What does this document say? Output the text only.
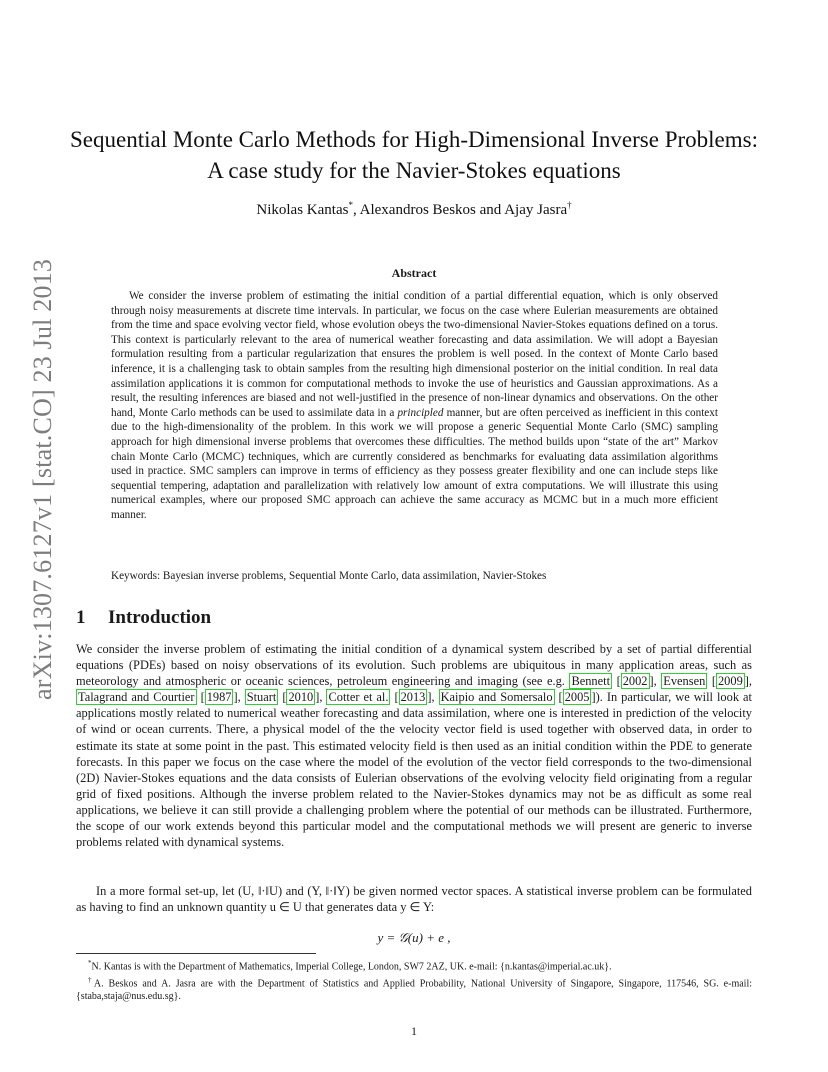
arXiv:1307.6127v1 [stat.CO] 23 Jul 2013
Sequential Monte Carlo Methods for High-Dimensional Inverse Problems: A case study for the Navier-Stokes equations
Nikolas Kantas*, Alexandros Beskos and Ajay Jasra†
Abstract

We consider the inverse problem of estimating the initial condition of a partial differential equation, which is only observed through noisy measurements at discrete time intervals. In particular, we focus on the case where Eulerian measurements are obtained from the time and space evolving vector field, whose evolution obeys the two-dimensional Navier-Stokes equations defined on a torus. This context is particularly relevant to the area of numerical weather forecasting and data assimilation. We will adopt a Bayesian formulation resulting from a particular regularization that ensures the problem is well posed. In the context of Monte Carlo based inference, it is a challenging task to obtain samples from the resulting high dimensional posterior on the initial condition. In real data assimilation applications it is common for computational methods to invoke the use of heuristics and Gaussian approximations. As a result, the resulting inferences are biased and not well-justified in the presence of non-linear dynamics and observations. On the other hand, Monte Carlo methods can be used to assimilate data in a principled manner, but are often perceived as inefficient in this context due to the high-dimensionality of the problem. In this work we will propose a generic Sequential Monte Carlo (SMC) sampling approach for high dimensional inverse problems that overcomes these difficulties. The method builds upon “state of the art” Markov chain Monte Carlo (MCMC) techniques, which are currently considered as benchmarks for evaluating data assimilation algorithms used in practice. SMC samplers can improve in terms of efficiency as they possess greater flexibility and one can include steps like sequential tempering, adaptation and parallelization with relatively low amount of extra computations. We will illustrate this using numerical examples, where our proposed SMC approach can achieve the same accuracy as MCMC but in a much more efficient manner.

Keywords: Bayesian inverse problems, Sequential Monte Carlo, data assimilation, Navier-Stokes
1 Introduction

We consider the inverse problem of estimating the initial condition of a dynamical system described by a set of partial differential equations (PDEs) based on noisy observations of its evolution. Such problems are ubiquitous in many application areas, such as meteorology and atmospheric or oceanic sciences, petroleum engineering and imaging (see e.g. Bennett [ 2002 ], Evensen [ 2009 ], Talagrand and Courtier [ 1987 ], Stuart [ 2010 ], Cotter et al. [ 2013 ], Kaipio and Somersalo [ 2005 ]). In particular, we will look at applications mostly related to numerical weather forecasting and data assimilation, where one is interested in prediction of the velocity of wind or ocean currents. There, a physical model of the the velocity vector field is used together with observed data, in order to estimate its state at some point in the past. This estimated velocity field is then used as an initial condition within the PDE to generate forecasts. In this paper we focus on the case where the model of the evolution of the vector field corresponds to the two-dimensional (2D) Navier-Stokes equations and the data consists of Eulerian observations of the evolving velocity field originating from a regular grid of fixed positions. Although the inverse problem related to the Navier-Stokes dynamics may not be as difficult as some real applications, we believe it can still provide a challenging problem where the potential of our methods can be illustrated. Furthermore, the scope of our work extends beyond this particular model and the computational methods we will present are generic to inverse problems related with dynamical systems.

In a more formal set-up, let (U, ‖·‖U) and (Y, ‖·‖Y) be given normed vector spaces. A statistical inverse problem can be formulated as having to find an unknown quantity u ∈ U that generates data y ∈ Y:

y = 𝒢(u) + e ,

*N. Kantas is with the Department of Mathematics, Imperial College, London, SW7 2AZ, UK. e-mail: {n.kantas@imperial.ac.uk}.

†A. Beskos and A. Jasra are with the Department of Statistics and Applied Probability, National University of Singapore, Singapore, 117546, SG. e-mail: {staba,staja@nus.edu.sg}.

1
